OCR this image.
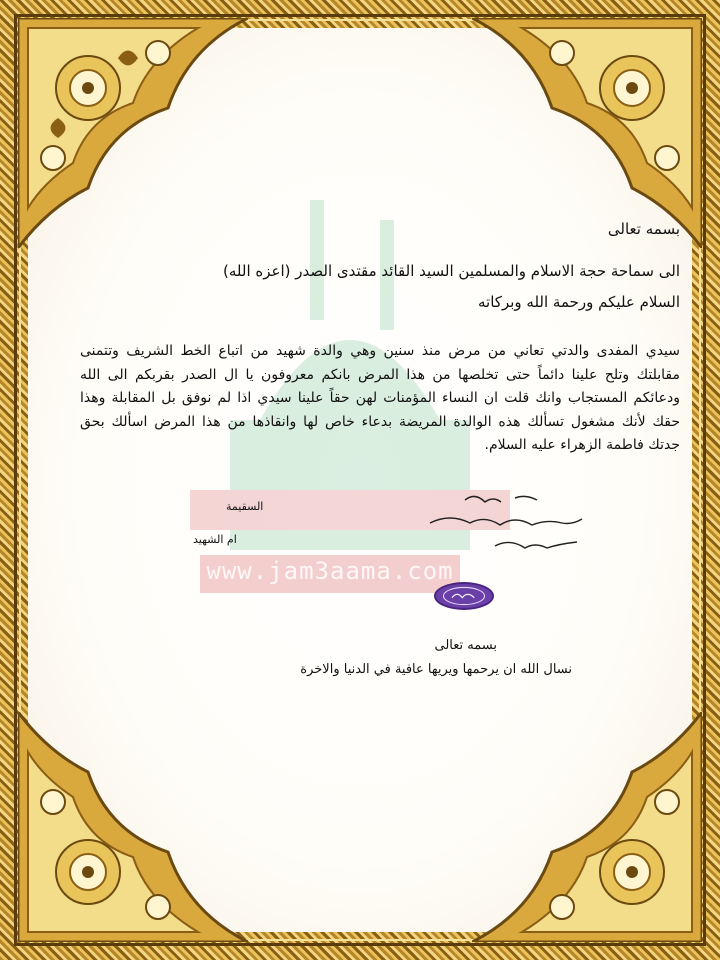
www.jam3aama.com
بسمه تعالى
الى سماحة حجة الاسلام والمسلمين السيد القائد مقتدى الصدر (اعزه الله)
السلام عليكم ورحمة الله وبركاته
سيدي المفدى والدتي تعاني من مرض منذ سنين وهي والدة شهيد من اتباع الخط الشريف وتتمنى مقابلتك وتلح علينا دائماً حتى تخلصها من هذا المرض بانكم معروفون يا ال الصدر بقربكم الى الله ودعائكم المستجاب وانك قلت ان النساء المؤمنات لهن حقاً علينا سيدي اذا لم نوفق بل المقابلة وهذا حقك لأنك مشغول تسألك هذه الوالدة المريضة بدعاء خاص لها وانقاذها من هذا المرض اسألك بحق جدتك فاطمة الزهراء عليه السلام.
السقيمة
ام الشهيد
بسمه تعالى
نسال الله ان يرحمها ويريها عافية في الدنيا والاخرة
